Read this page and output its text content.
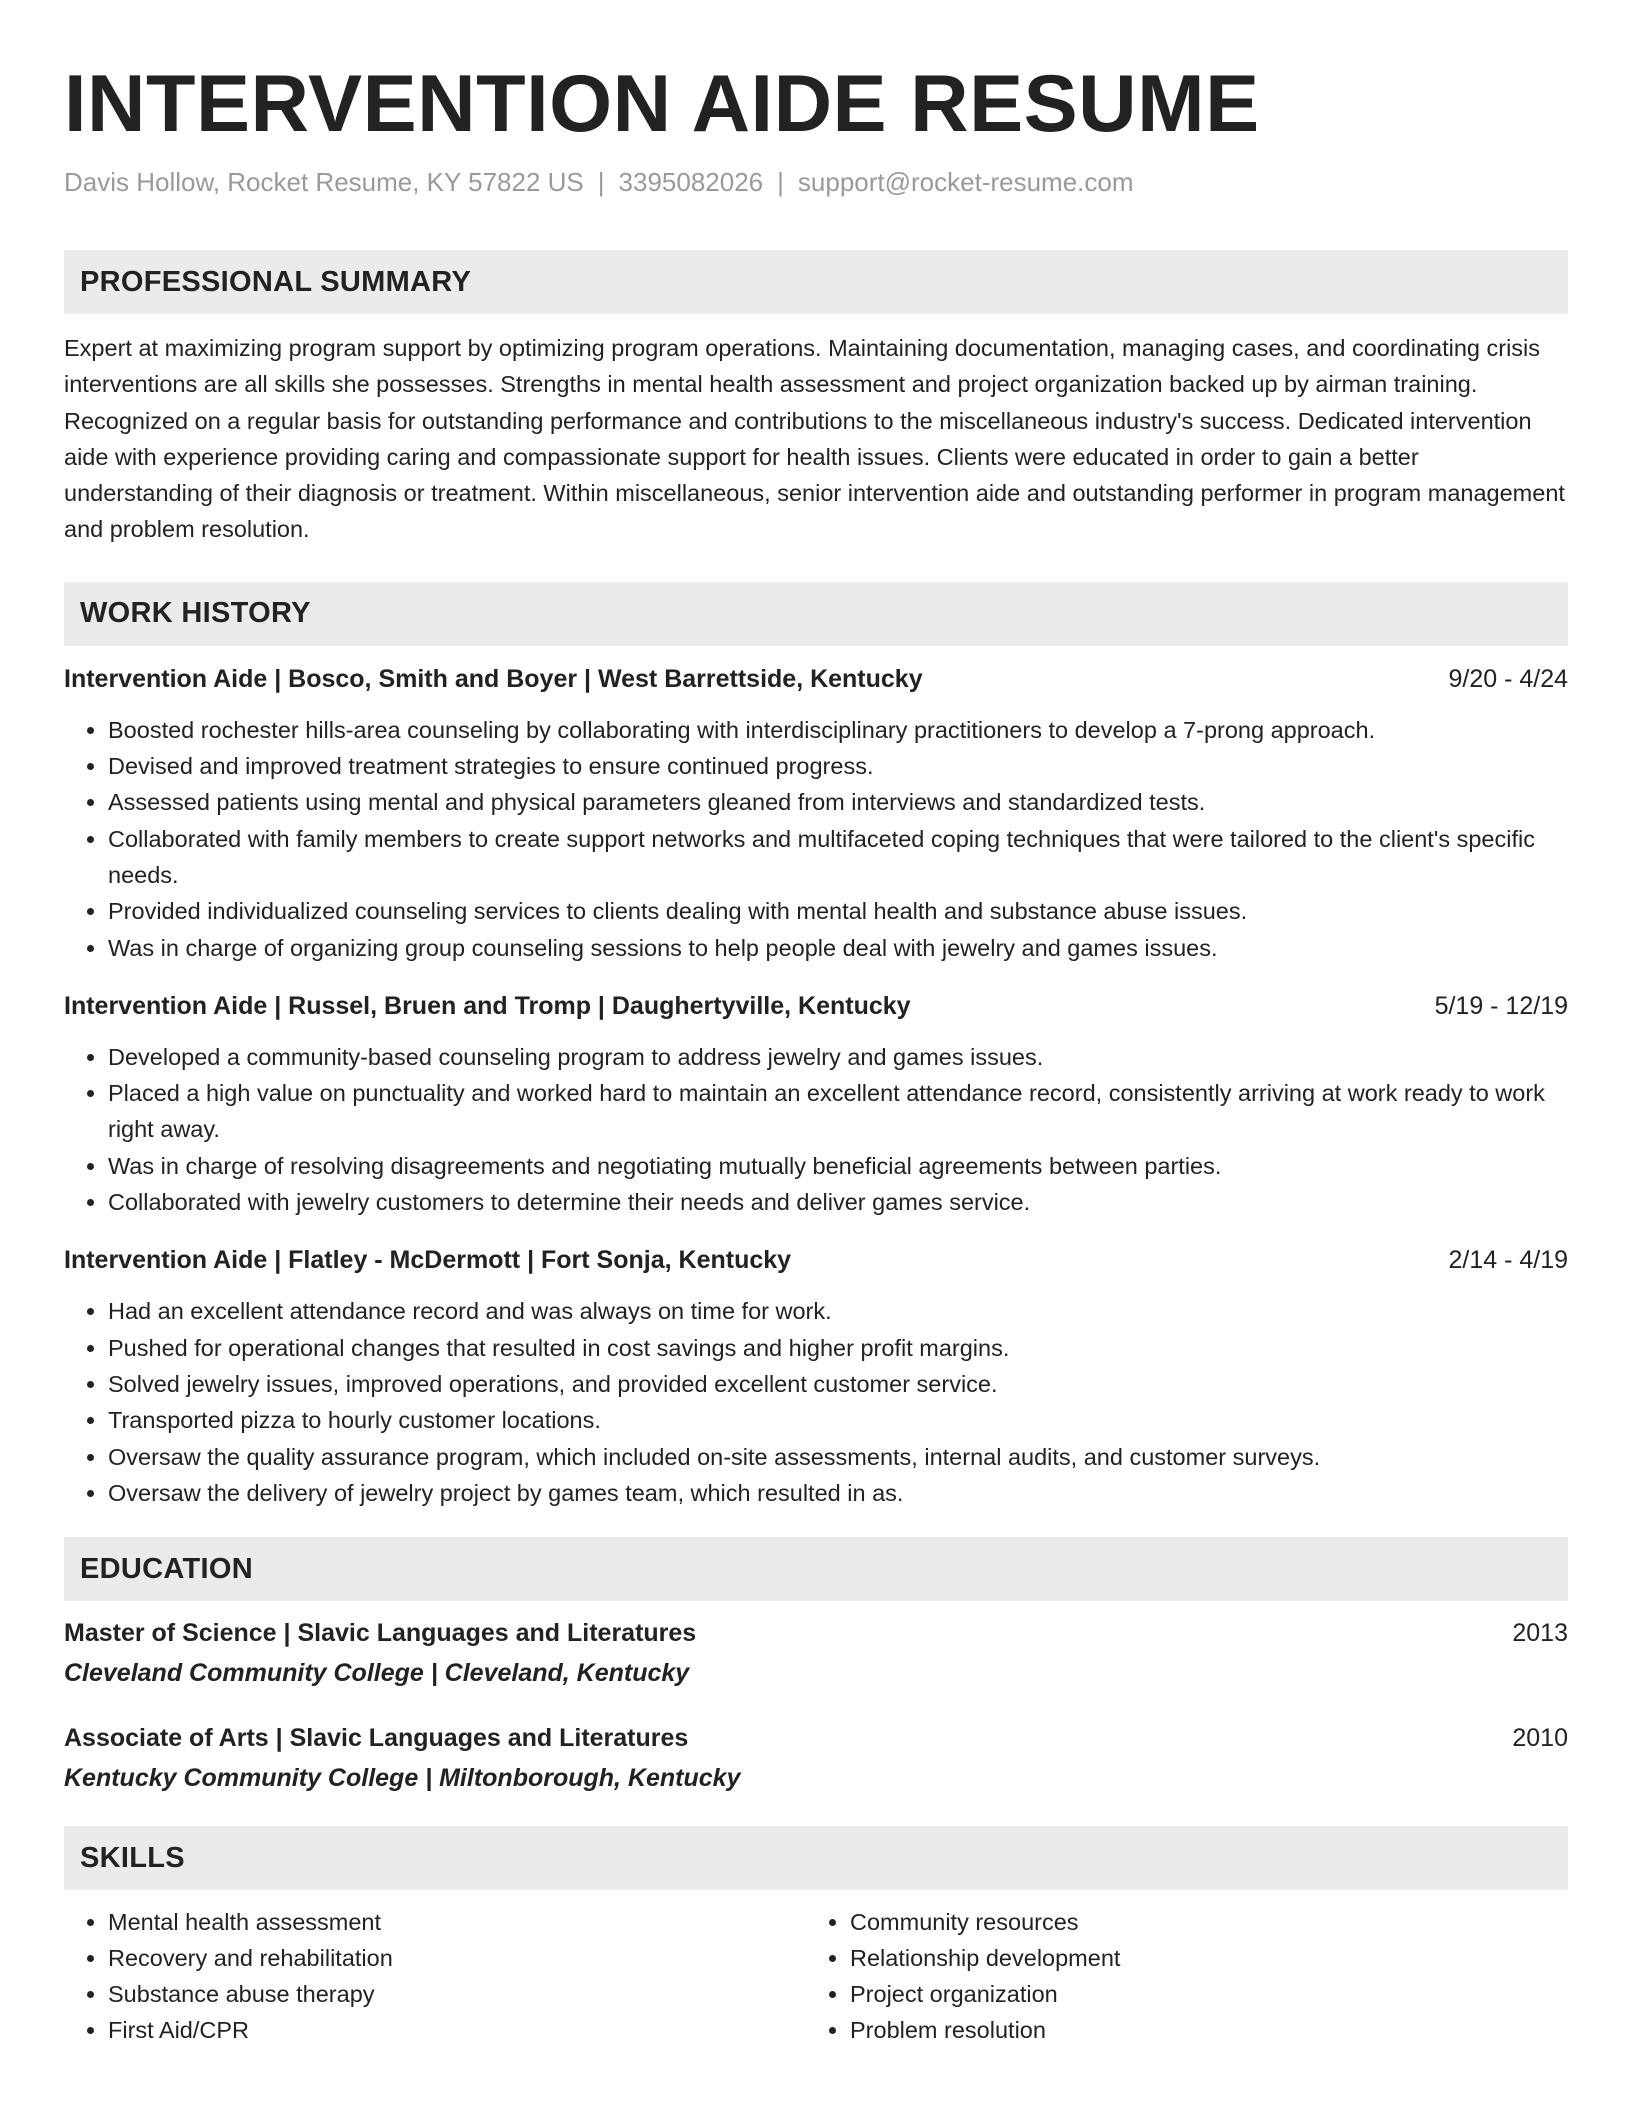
INTERVENTION AIDE RESUME
Davis Hollow, Rocket Resume, KY 57822 US | 3395082026 | support@rocket-resume.com
PROFESSIONAL SUMMARY

Expert at maximizing program support by optimizing program operations. Maintaining documentation, managing cases, and coordinating crisis interventions are all skills she possesses. Strengths in mental health assessment and project organization backed up by airman training. Recognized on a regular basis for outstanding performance and contributions to the miscellaneous industry's success. Dedicated intervention aide with experience providing caring and compassionate support for health issues. Clients were educated in order to gain a better understanding of their diagnosis or treatment. Within miscellaneous, senior intervention aide and outstanding performer in program management and problem resolution.

WORK HISTORY
Intervention Aide | Bosco, Smith and Boyer | West Barrettside, Kentucky	9/20 - 4/24
• Boosted rochester hills-area counseling by collaborating with interdisciplinary practitioners to develop a 7-prong approach.
• Devised and improved treatment strategies to ensure continued progress.
• Assessed patients using mental and physical parameters gleaned from interviews and standardized tests.
• Collaborated with family members to create support networks and multifaceted coping techniques that were tailored to the client's specific needs.
• Provided individualized counseling services to clients dealing with mental health and substance abuse issues.
• Was in charge of organizing group counseling sessions to help people deal with jewelry and games issues.
Intervention Aide | Russel, Bruen and Tromp | Daughertyville, Kentucky	5/19 - 12/19
• Developed a community-based counseling program to address jewelry and games issues.
• Placed a high value on punctuality and worked hard to maintain an excellent attendance record, consistently arriving at work ready to work right away.
• Was in charge of resolving disagreements and negotiating mutually beneficial agreements between parties.
• Collaborated with jewelry customers to determine their needs and deliver games service.
Intervention Aide | Flatley - McDermott | Fort Sonja, Kentucky	2/14 - 4/19
• Had an excellent attendance record and was always on time for work.
• Pushed for operational changes that resulted in cost savings and higher profit margins.
• Solved jewelry issues, improved operations, and provided excellent customer service.
• Transported pizza to hourly customer locations.
• Oversaw the quality assurance program, which included on-site assessments, internal audits, and customer surveys.
• Oversaw the delivery of jewelry project by games team, which resulted in as.
EDUCATION
Master of Science | Slavic Languages and Literatures	2013
Cleveland Community College | Cleveland, Kentucky
Associate of Arts | Slavic Languages and Literatures	2010
Kentucky Community College | Miltonborough, Kentucky
SKILLS
• Mental health assessment
• Recovery and rehabilitation
• Substance abuse therapy
• First Aid/CPR
• Community resources
• Relationship development
• Project organization
• Problem resolution
